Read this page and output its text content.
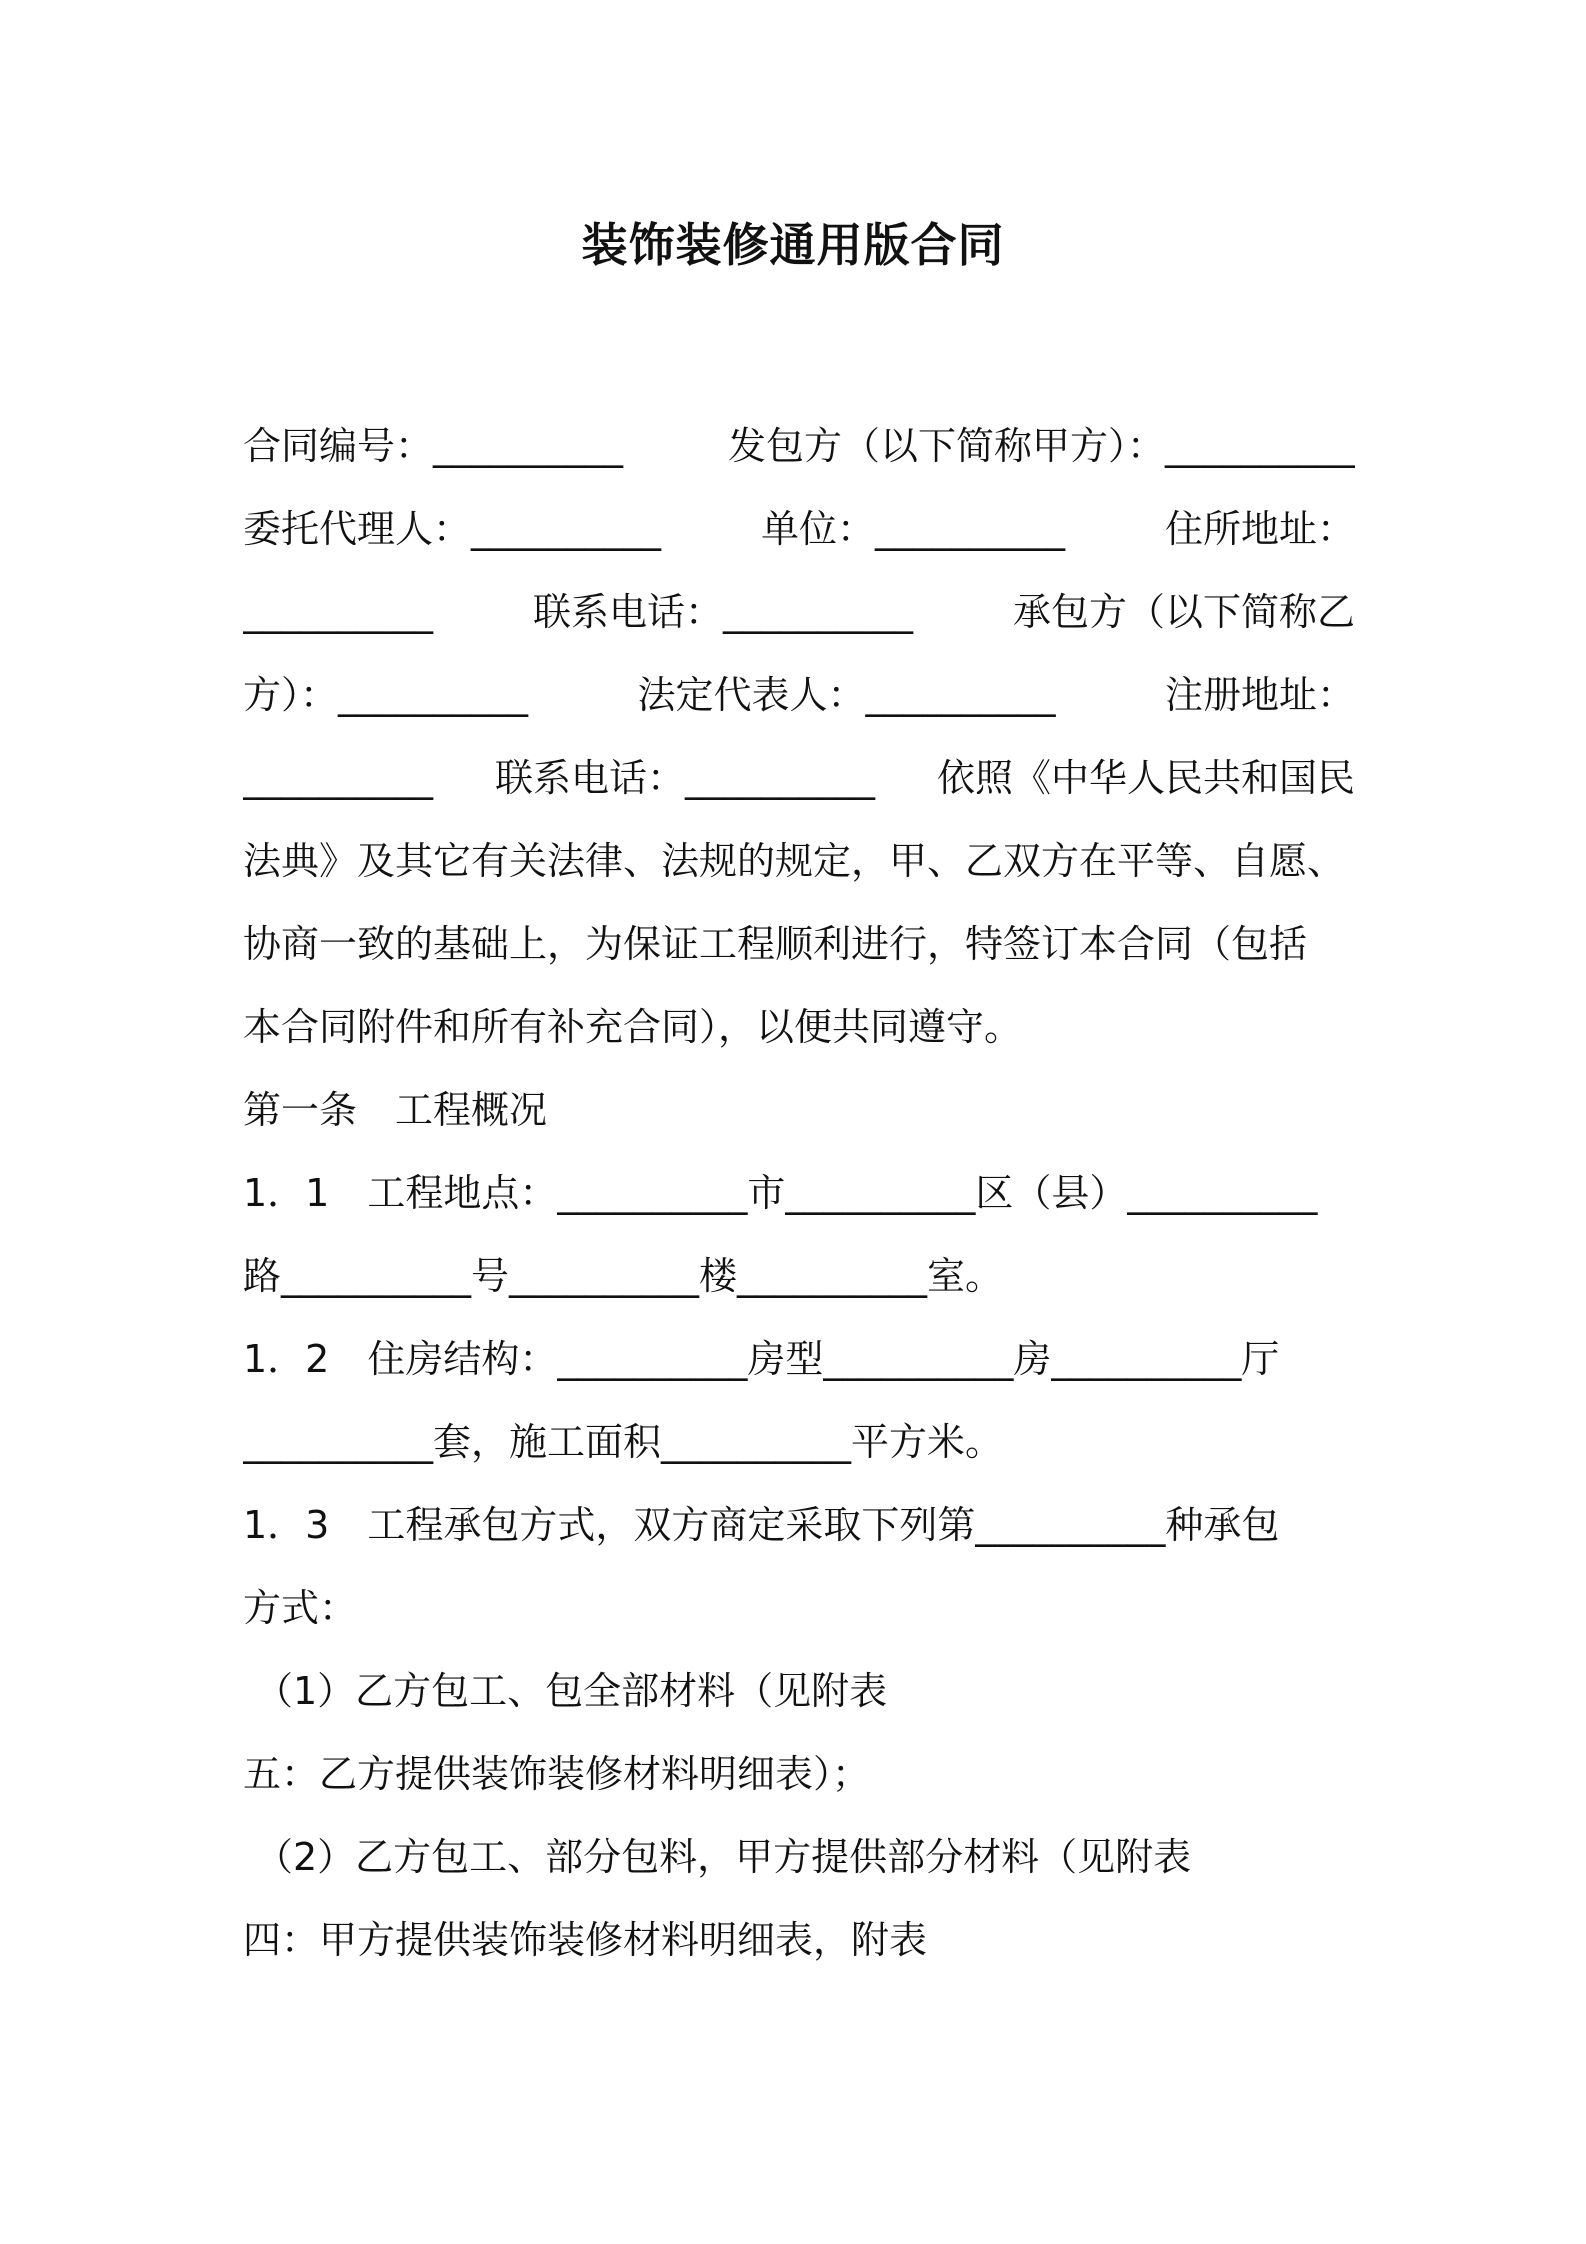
装饰装修通用版合同
合同编号：__________	发包方（以下简称甲方）：__________
委托代理人：__________	单位：__________	住所地址：
__________	联系电话：__________	承包方（以下简称乙
方）：__________	法定代表人：__________	注册地址：
__________ 联系电话：__________ 依照《中华人民共和国民
法典》及其它有关法律、法规的规定，甲、乙双方在平等、自愿、
协商一致的基础上，为保证工程顺利进行，特签订本合同（包括
本合同附件和所有补充合同），以便共同遵守。
第一条　工程概况
1．1　工程地点：__________市__________区（县）__________
路__________号__________楼__________室。
1．2　住房结构：__________房型__________房__________厅
__________套，施工面积__________平方米。
1．3　工程承包方式，双方商定采取下列第__________种承包
方式：
（1）乙方包工、包全部材料（见附表
五：乙方提供装饰装修材料明细表）；
（2）乙方包工、部分包料，甲方提供部分材料（见附表
四：甲方提供装饰装修材料明细表，附表
